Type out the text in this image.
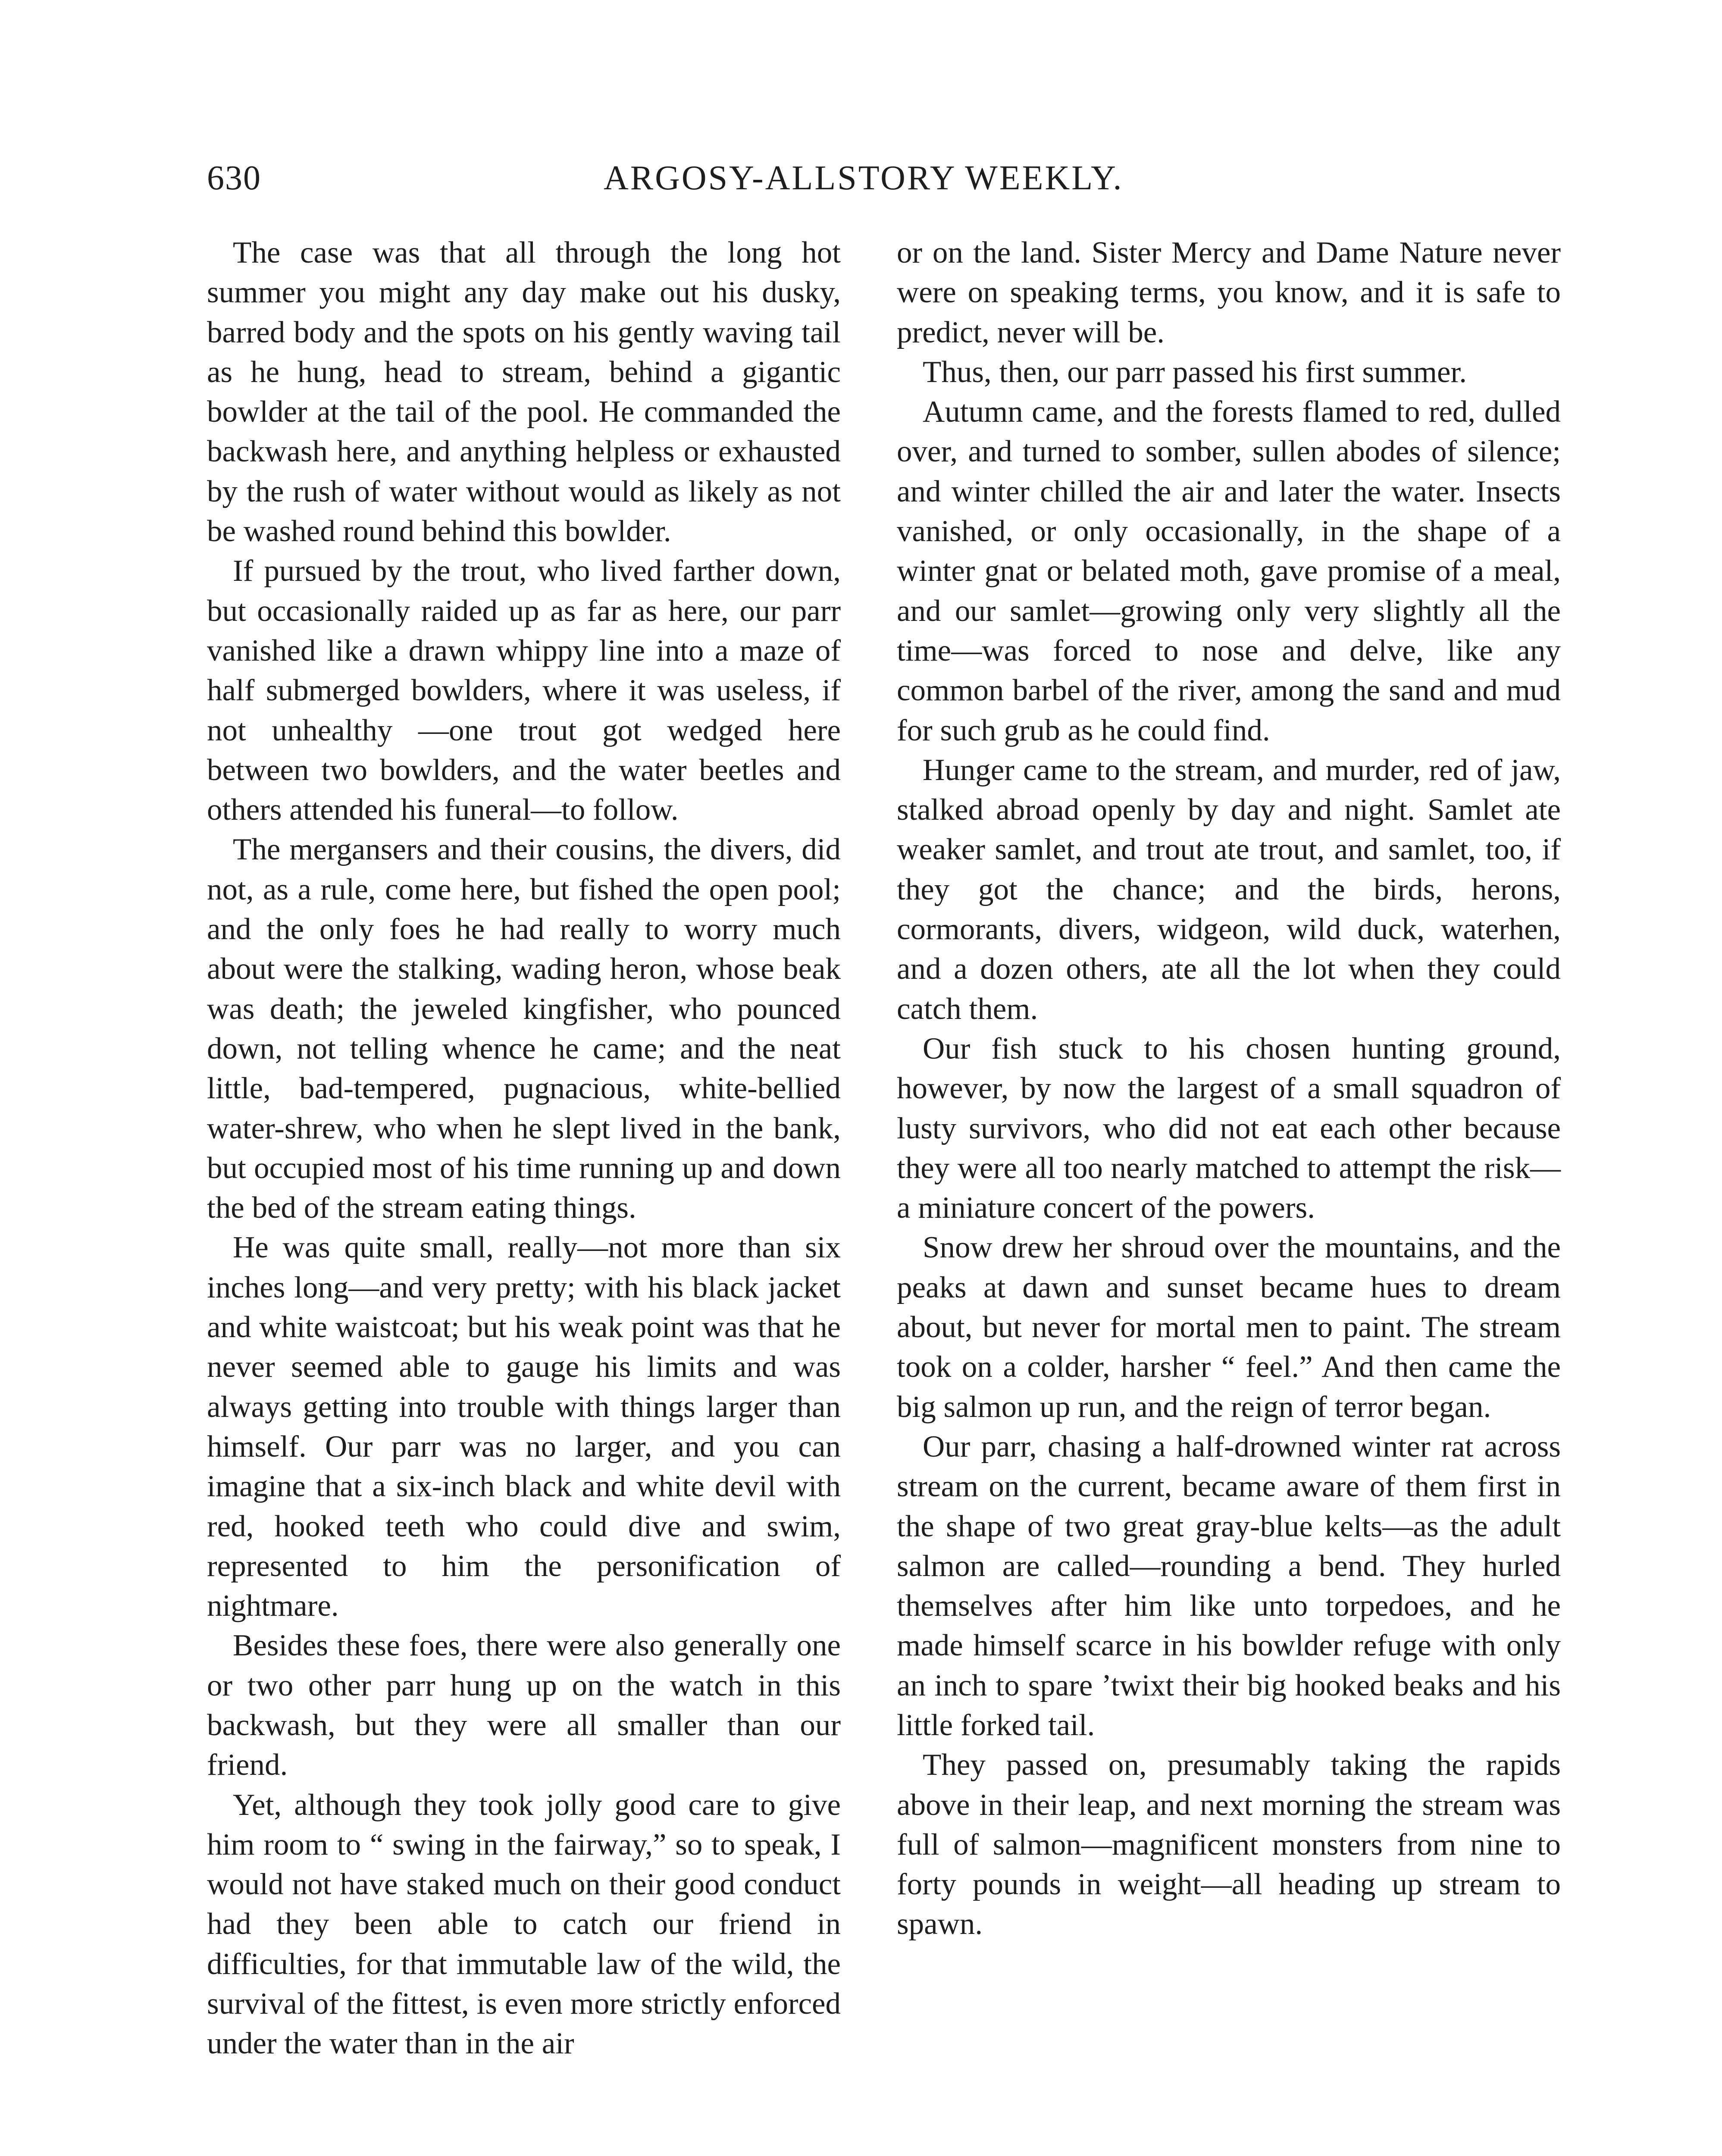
630	ARGOSY-ALLSTORY WEEKLY.

The case was that all through the long hot summer you might any day make out his dusky, barred body and the spots on his gently waving tail as he hung, head to stream, behind a gigantic bowlder at the tail of the pool. He commanded the backwash here, and anything helpless or exhausted by the rush of water without would as likely as not be washed round behind this bowlder.

If pursued by the trout, who lived farther down, but occasionally raided up as far as here, our parr vanished like a drawn whippy line into a maze of half submerged bowlders, where it was useless, if not unhealthy —one trout got wedged here between two bowlders, and the water beetles and others attended his funeral—to follow.

The mergansers and their cousins, the divers, did not, as a rule, come here, but fished the open pool; and the only foes he had really to worry much about were the stalking, wading heron, whose beak was death; the jeweled kingfisher, who pounced down, not telling whence he came; and the neat little, bad-tempered, pugnacious, white-bellied water-shrew, who when he slept lived in the bank, but occupied most of his time running up and down the bed of the stream eating things.

He was quite small, really—not more than six inches long—and very pretty; with his black jacket and white waistcoat; but his weak point was that he never seemed able to gauge his limits and was always getting into trouble with things larger than himself. Our parr was no larger, and you can imagine that a six-inch black and white devil with red, hooked teeth who could dive and swim, represented to him the personification of nightmare.

Besides these foes, there were also generally one or two other parr hung up on the watch in this backwash, but they were all smaller than our friend.

Yet, although they took jolly good care to give him room to “ swing in the fairway,” so to speak, I would not have staked much on their good conduct had they been able to catch our friend in difficulties, for that immutable law of the wild, the survival of the fittest, is even more strictly enforced under the water than in the air

or on the land. Sister Mercy and Dame Nature never were on speaking terms, you know, and it is safe to predict, never will be.

Thus, then, our parr passed his first summer.

Autumn came, and the forests flamed to red, dulled over, and turned to somber, sullen abodes of silence; and winter chilled the air and later the water. Insects vanished, or only occasionally, in the shape of a winter gnat or belated moth, gave promise of a meal, and our samlet—growing only very slightly all the time—was forced to nose and delve, like any common barbel of the river, among the sand and mud for such grub as he could find.

Hunger came to the stream, and murder, red of jaw, stalked abroad openly by day and night. Samlet ate weaker samlet, and trout ate trout, and samlet, too, if they got the chance; and the birds, herons, cormorants, divers, widgeon, wild duck, waterhen, and a dozen others, ate all the lot when they could catch them.

Our fish stuck to his chosen hunting ground, however, by now the largest of a small squadron of lusty survivors, who did not eat each other because they were all too nearly matched to attempt the risk—a miniature concert of the powers.

Snow drew her shroud over the mountains, and the peaks at dawn and sunset became hues to dream about, but never for mortal men to paint. The stream took on a colder, harsher “ feel.” And then came the big salmon up run, and the reign of terror began.

Our parr, chasing a half-drowned winter rat across stream on the current, became aware of them first in the shape of two great gray-blue kelts—as the adult salmon are called—rounding a bend. They hurled themselves after him like unto torpedoes, and he made himself scarce in his bowlder refuge with only an inch to spare ’twixt their big hooked beaks and his little forked tail.

They passed on, presumably taking the rapids above in their leap, and next morning the stream was full of salmon—magnificent monsters from nine to forty pounds in weight—all heading up stream to spawn.
